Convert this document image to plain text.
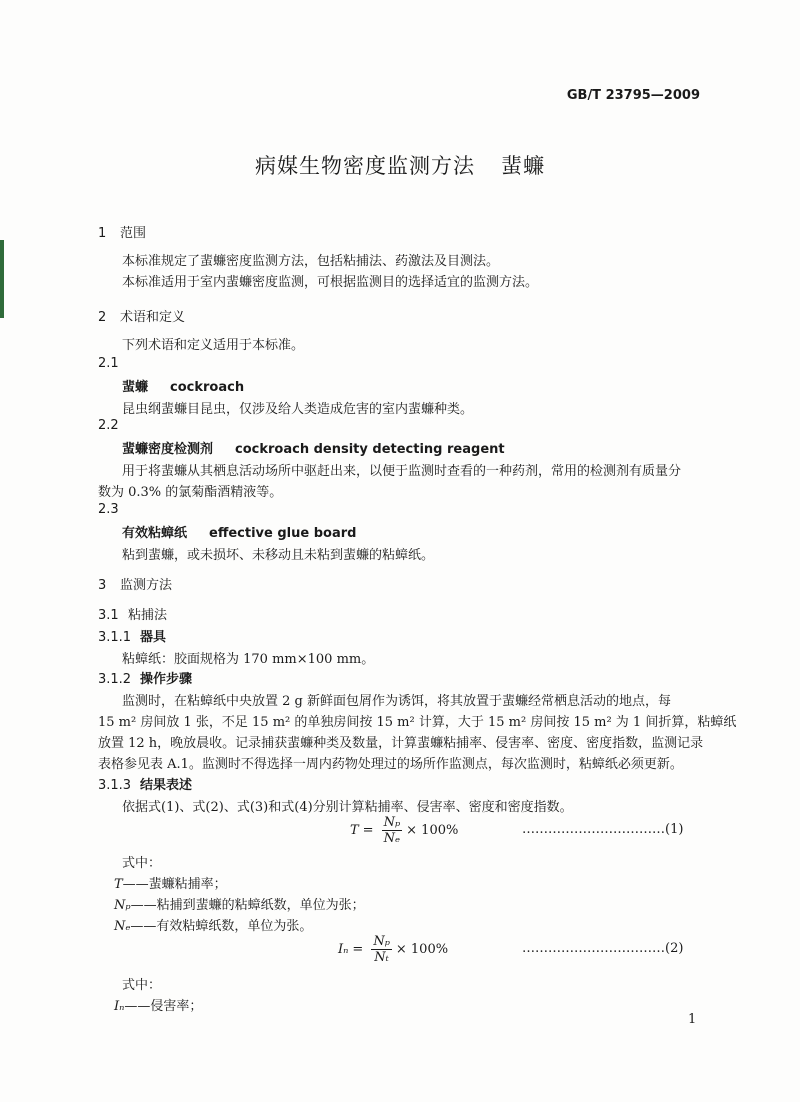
GB/T 23795—2009
病媒生物密度监测方法 蜚蠊
1 范围
本标准规定了蜚蠊密度监测方法，包括粘捕法、药激法及目测法。
本标准适用于室内蜚蠊密度监测，可根据监测目的选择适宜的监测方法。
2 术语和定义
下列术语和定义适用于本标准。
2.1
蜚蠊 cockroach
昆虫纲蜚蠊目昆虫，仅涉及给人类造成危害的室内蜚蠊种类。
2.2
蜚蠊密度检测剂 cockroach density detecting reagent
用于将蜚蠊从其栖息活动场所中驱赶出来，以便于监测时查看的一种药剂，常用的检测剂有质量分
数为 0.3% 的氯菊酯酒精液等。
2.3
有效粘蟑纸 effective glue board
粘到蜚蠊，或未损坏、未移动且未粘到蜚蠊的粘蟑纸。
3 监测方法
3.1 粘捕法
3.1.1 器具
粘蟑纸：胶面规格为 170 mm×100 mm。
3.1.2 操作步骤
监测时，在粘蟑纸中央放置 2 g 新鲜面包屑作为诱饵，将其放置于蜚蠊经常栖息活动的地点，每
15 m² 房间放 1 张，不足 15 m² 的单独房间按 15 m² 计算，大于 15 m² 房间按 15 m² 为 1 间折算，粘蟑纸
放置 12 h，晚放晨收。记录捕获蜚蠊种类及数量，计算蜚蠊粘捕率、侵害率、密度、密度指数，监测记录
表格参见表 A.1。监测时不得选择一周内药物处理过的场所作监测点，每次监测时，粘蟑纸必须更新。
3.1.3 结果表述
依据式(1)、式(2)、式(3)和式(4)分别计算粘捕率、侵害率、密度和密度指数。
$T = \frac{\text{Nₚ}}{\text{Nₑ}} \times 100\%$	……………………………(1)
式中：
T——蜚蠊粘捕率；
Nₚ——粘捕到蜚蠊的粘蟑纸数，单位为张；
Nₑ——有效粘蟑纸数，单位为张。
$I_n = \frac{\text{Nₚ}}{\text{Nₜ}} \times 100\%$	……………………………(2)
式中：
Iₙ——侵害率；
1
